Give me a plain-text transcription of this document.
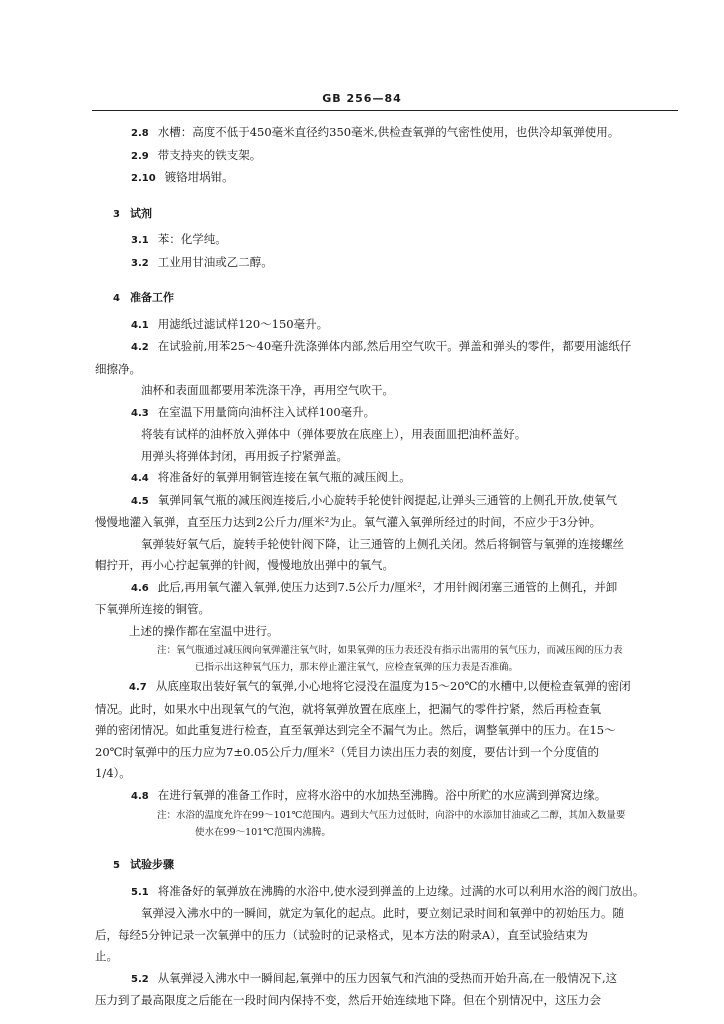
GB 256—84

2.8 水槽：高度不低于450毫米直径约350毫米,供检查氧弹的气密性使用，也供冷却氧弹使用。

2.9 带支持夹的铁支架。

2.10 镀铬坩埚钳。

3 试剂

3.1 苯：化学纯。

3.2 工业用甘油或乙二醇。

4 准备工作

4.1 用滤纸过滤试样120～150毫升。

4.2 在试验前,用苯25～40毫升洗涤弹体内部,然后用空气吹干。弹盖和弹头的零件，都要用滤纸仔

细擦净。

油杯和表面皿都要用苯洗涤干净，再用空气吹干。

4.3 在室温下用量筒向油杯注入试样100毫升。

将装有试样的油杯放入弹体中（弹体要放在底座上），用表面皿把油杯盖好。

用弹头将弹体封闭，再用扳子拧紧弹盖。

4.4 将准备好的氧弹用铜管连接在氧气瓶的减压阀上。

4.5 氧弹同氧气瓶的减压阀连接后,小心旋转手轮使针阀提起,让弹头三通管的上侧孔开放,使氧气

慢慢地灌入氧弹，直至压力达到2公斤力/厘米²为止。氧气灌入氧弹所经过的时间，不应少于3分钟。

氧弹装好氧气后，旋转手轮使针阀下降，让三通管的上侧孔关闭。然后将铜管与氧弹的连接螺丝

帽拧开，再小心拧起氧弹的针阀，慢慢地放出弹中的氧气。

4.6 此后,再用氧气灌入氧弹,使压力达到7.5公斤力/厘米²，才用针阀闭塞三通管的上侧孔，并卸

下氧弹所连接的铜管。

上述的操作都在室温中进行。

注：氧气瓶通过减压阀向氧弹灌注氧气时，如果氧弹的压力表还没有指示出需用的氧气压力，而减压阀的压力表

已指示出这种氧气压力，那末停止灌注氧气，应检查氧弹的压力表是否准确。

4.7 从底座取出装好氧气的氧弹,小心地将它浸没在温度为15～20℃的水槽中,以便检查氧弹的密闭

情况。此时，如果水中出现氧气的气泡，就将氧弹放置在底座上，把漏气的零件拧紧，然后再检查氧

弹的密闭情况。如此重复进行检查，直至氧弹达到完全不漏气为止。然后，调整氧弹中的压力。在15～

20℃时氧弹中的压力应为7±0.05公斤力/厘米²（凭目力读出压力表的刻度，要估计到一个分度值的

1/4）。

4.8 在进行氧弹的准备工作时，应将水浴中的水加热至沸腾。浴中所贮的水应满到弹窝边缘。

注：水浴的温度允许在99～101℃范围内。遇到大气压力过低时，向浴中的水添加甘油或乙二醇，其加入数量要

使水在99～101℃范围内沸腾。

5 试验步骤

5.1 将准备好的氧弹放在沸腾的水浴中,使水浸到弹盖的上边缘。过满的水可以利用水浴的阀门放出。

氧弹浸入沸水中的一瞬间，就定为氧化的起点。此时，要立刻记录时间和氧弹中的初始压力。随

后，每经5分钟记录一次氧弹中的压力（试验时的记录格式，见本方法的附录A），直至试验结束为

止。

5.2 从氧弹浸入沸水中一瞬间起,氧弹中的压力因氧气和汽油的受热而开始升高,在一般情况下,这

压力到了最高限度之后能在一段时间内保持不变，然后开始连续地下降。但在个别情况中，这压力会
